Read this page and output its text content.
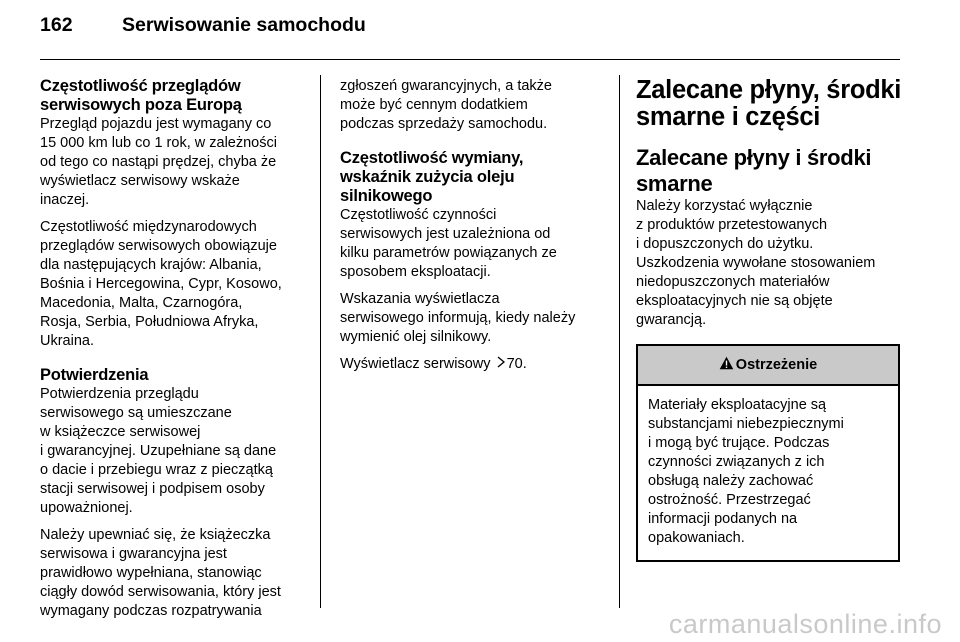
162	Serwisowanie samochodu
Częstotliwość przeglądów
serwisowych poza Europą
Przegląd pojazdu jest wymagany co
15 000 km lub co 1 rok, w zależności
od tego co nastąpi prędzej, chyba że
wyświetlacz serwisowy wskaże
inaczej.
Częstotliwość międzynarodowych
przeglądów serwisowych obowiązuje
dla następujących krajów: Albania,
Bośnia i Hercegowina, Cypr, Kosowo,
Macedonia, Malta, Czarnogóra,
Rosja, Serbia, Południowa Afryka,
Ukraina.
Potwierdzenia
Potwierdzenia przeglądu
serwisowego są umieszczane
w książeczce serwisowej
i gwarancyjnej. Uzupełniane są dane
o dacie i przebiegu wraz z pieczątką
stacji serwisowej i podpisem osoby
upoważnionej.
Należy upewniać się, że książeczka
serwisowa i gwarancyjna jest
prawidłowo wypełniana, stanowiąc
ciągły dowód serwisowania, który jest
wymagany podczas rozpatrywania
zgłoszeń gwarancyjnych, a także
może być cennym dodatkiem
podczas sprzedaży samochodu.
Częstotliwość wymiany,
wskaźnik zużycia oleju
silnikowego
Częstotliwość czynności
serwisowych jest uzależniona od
kilku parametrów powiązanych ze
sposobem eksploatacji.
Wskazania wyświetlacza
serwisowego informują, kiedy należy
wymienić olej silnikowy.
Wyświetlacz serwisowy 70.
Zalecane płyny, środki
smarne i części
Zalecane płyny i środki
smarne
Należy korzystać wyłącznie
z produktów przetestowanych
i dopuszczonych do użytku.
Uszkodzenia wywołane stosowaniem
niedopuszczonych materiałów
eksploatacyjnych nie są objęte
gwarancją.
Ostrzeżenie
Materiały eksploatacyjne są
substancjami niebezpiecznymi
i mogą być trujące. Podczas
czynności związanych z ich
obsługą należy zachować
ostrożność. Przestrzegać
informacji podanych na
opakowaniach.
carmanualsonline.info
